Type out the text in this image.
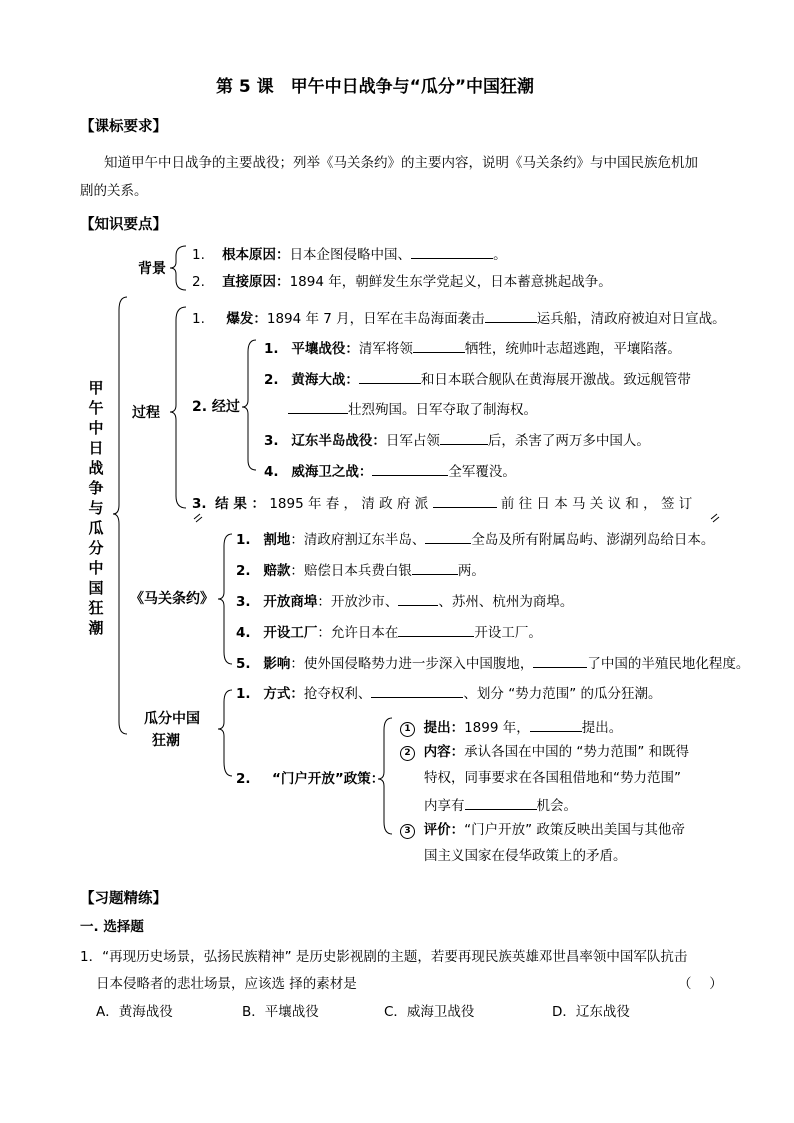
第 5 课　甲午中日战争与“瓜分”中国狂潮
【课标要求】
知道甲午中日战争的主要战役；列举《马关条约》的主要内容，说明《马关条约》与中国民族危机加
剧的关系。
【知识要点】
背景
1. 根本原因：日本企图侵略中国、	。
2. 直接原因：1894 年，朝鲜发生东学党起义，日本蓄意挑起战争。
甲午中日战争与瓜分中国狂潮
过程
1. 爆发：1894 年 7 月，日军在丰岛海面袭击	运兵船，清政府被迫对日宣战。
2. 经过
1. 平壤战役：清军将领	牺牲，统帅叶志超逃跑，平壤陷落。
2. 黄海大战：	和日本联合舰队在黄海展开激战。致远舰管带
壮烈殉国。日军夺取了制海权。
3. 辽东半岛战役：日军占领	后，杀害了两万多中国人。
4. 威海卫之战：	全军覆没。
3. 结 果 ： 1895 年 春 ， 清 政 府 派	前 往 日 本 马 关 议 和 ， 签 订
《马关条约》
1. 割地：清政府割辽东半岛、	全岛及所有附属岛屿、澎湖列岛给日本。
2. 赔款：赔偿日本兵费白银	两。
3. 开放商埠：开放沙市、	、苏州、杭州为商埠。
4. 开设工厂：允许日本在	开设工厂。
5. 影响：使外国侵略势力进一步深入中国腹地，	了中国的半殖民地化程度。
瓜分中国
狂潮
1. 方式：抢夺权利、	、划分 “势力范围” 的瓜分狂潮。
2. “门户开放”政策：
1 提出：1899 年，	提出。
2 内容：承认各国在中国的 “势力范围” 和既得
特权，同事要求在各国租借地和“势力范围”
内享有	机会。
3 评价：“门户开放” 政策反映出美国与其他帝
国主义国家在侵华政策上的矛盾。
【习题精练】
一. 选择题
1．“再现历史场景，弘扬民族精神” 是历史影视剧的主题，若要再现民族英雄邓世昌率领中国军队抗击
日本侵略者的悲壮场景，应该选 择的素材是	（　 ）
A．黄海战役	B．平壤战役	C．威海卫战役	D．辽东战役
